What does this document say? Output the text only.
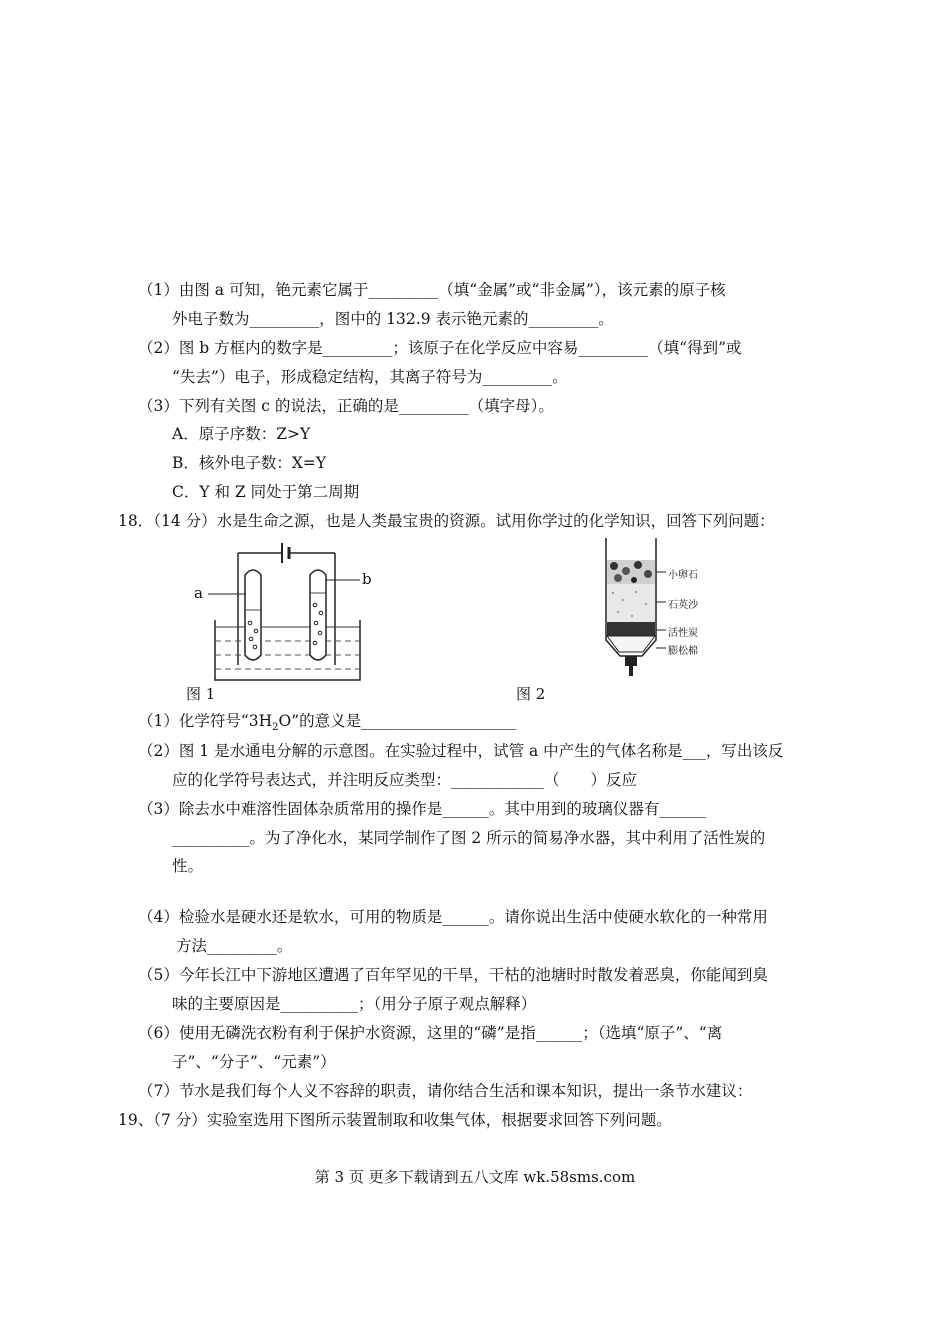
（1）由图 a 可知，铯元素它属于_________（填“金属”或“非金属”），该元素的原子核
外电子数为_________，图中的 132.9 表示铯元素的_________。
（2）图 b 方框内的数字是_________；该原子在化学反应中容易_________（填“得到”或
“失去”）电子，形成稳定结构，其离子符号为_________。
（3）下列有关图 c 的说法，正确的是_________（填字母）。
A．原子序数：Z>Y
B．核外电子数：X=Y
C．Y 和 Z 同处于第二周期
18．（14 分）水是生命之源，也是人类最宝贵的资源。试用你学过的化学知识，回答下列问题：
a
b
图 1
小卵石
石英沙
活性炭
膨松棉
图 2
（1）化学符号“$3H_2O$”的意义是____________________
（2）图 1 是水通电分解的示意图。在实验过程中，试管 a 中产生的气体名称是___，写出该反
应的化学符号表达式，并注明反应类型：____________（　　）反应
（3）除去水中难溶性固体杂质常用的操作是______。其中用到的玻璃仪器有______
__________。为了净化水，某同学制作了图 2 所示的简易净水器，其中利用了活性炭的
性。
（4）检验水是硬水还是软水，可用的物质是______。请你说出生活中使硬水软化的一种常用
方法_________。
（5）今年长江中下游地区遭遇了百年罕见的干旱，干枯的池塘时时散发着恶臭，你能闻到臭
味的主要原因是__________；（用分子原子观点解释）
（6）使用无磷洗衣粉有利于保护水资源，这里的“磷”是指______；（选填“原子”、“离
子”、“分子”、“元素”）
（7）节水是我们每个人义不容辞的职责，请你结合生活和课本知识，提出一条节水建议：
19、（7 分）实验室选用下图所示装置制取和收集气体，根据要求回答下列问题。
第 3 页 更多下载请到五八文库 wk.58sms.com
